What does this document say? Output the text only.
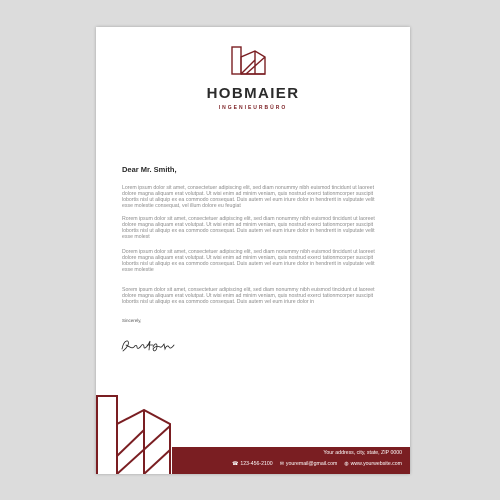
HOBMAIER
INGENIEURBÜRO
Dear Mr. Smith,

Lorem ipsum dolor sit amet, consectetuer adipiscing elit, sed diam nonummy nibh euismod tincidunt ut laoreet dolore magna aliquam erat volutpat. Ut wisi enim ad minim veniam, quis nostrud exerci tationmcorper suscipit lobortis nisl ut aliquip ex ea commodo consequat. Duis autem vel eum iriure dolor in hendrerit in vulputate velit esse molestie consequat, vel illum dolore eu feugiat

Rorem ipsum dolor sit amet, consectetuer adipiscing elit, sed diam nonummy nibh euismod tincidunt ut laoreet dolore magna aliquam erat volutpat. Ut wisi enim ad minim veniam, quis nostrud exerci tationmcorper suscipit lobortis nisl ut aliquip ex ea commodo consequat. Duis autem vel eum iriure dolor in hendrerit in vulputate velit esse molest

Dorem ipsum dolor sit amet, consectetuer adipiscing elit, sed diam nonummy nibh euismod tincidunt ut laoreet dolore magna aliquam erat volutpat. Ut wisi enim ad minim veniam, quis nostrud exerci tationmcorper suscipit lobortis nisl ut aliquip ex ea commodo consequat. Duis autem vel eum iriure dolor in hendrerit in vulputate velit esse molestie

Sorem ipsum dolor sit amet, consectetuer adipiscing elit, sed diam nonummy nibh euismod tincidunt ut laoreet dolore magna aliquam erat volutpat. Ut wisi enim ad minim veniam, quis nostrud exerci tationmcorper suscipit lobortis nisl ut aliquip ex ea commodo consequat. Duis autem vel eum iriure dolor in

Sincerely,
Your address, city, state, ZIP 0000
☎ 123-456-2100 ✉ youremail@gmail.com ◍ www.yourwebsite.com
